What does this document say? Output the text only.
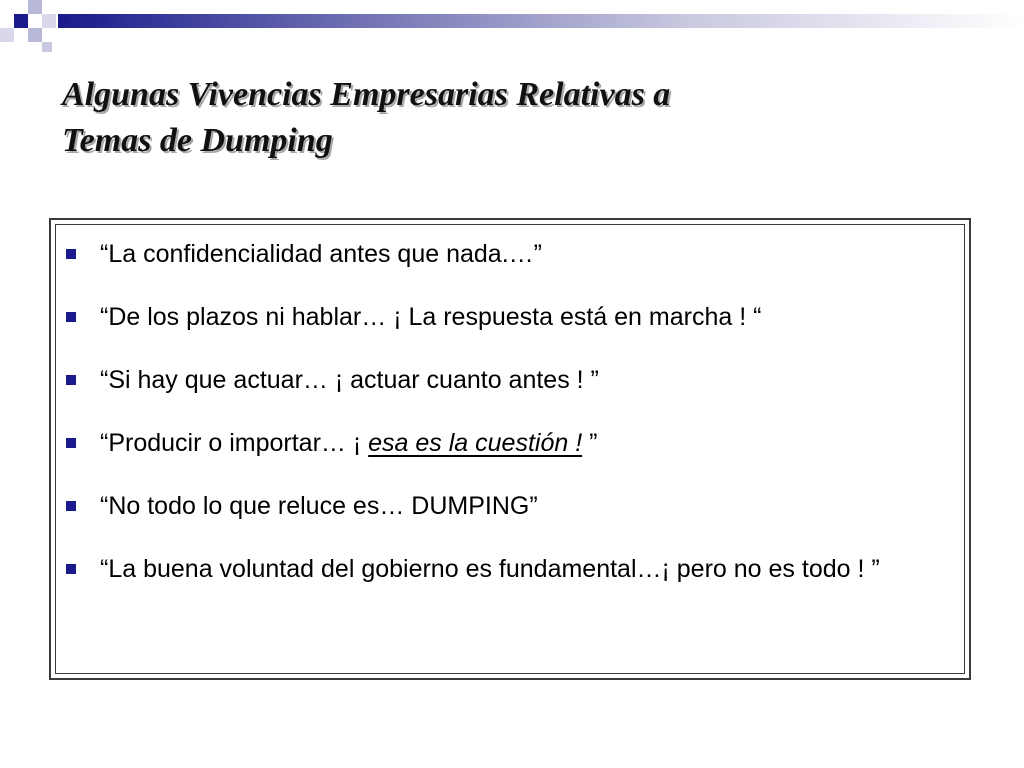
Algunas Vivencias Empresarias Relativas a
Temas de Dumping
“La confidencialidad antes que nada.…”
“De los plazos ni hablar… ¡ La respuesta está en marcha ! “
“Si hay que actuar… ¡ actuar cuanto antes ! ”
“Producir o importar… ¡ esa es la cuestión ! ”
“No todo lo que reluce es… DUMPING”
“La buena voluntad del gobierno es fundamental…¡ pero no es todo ! ”
